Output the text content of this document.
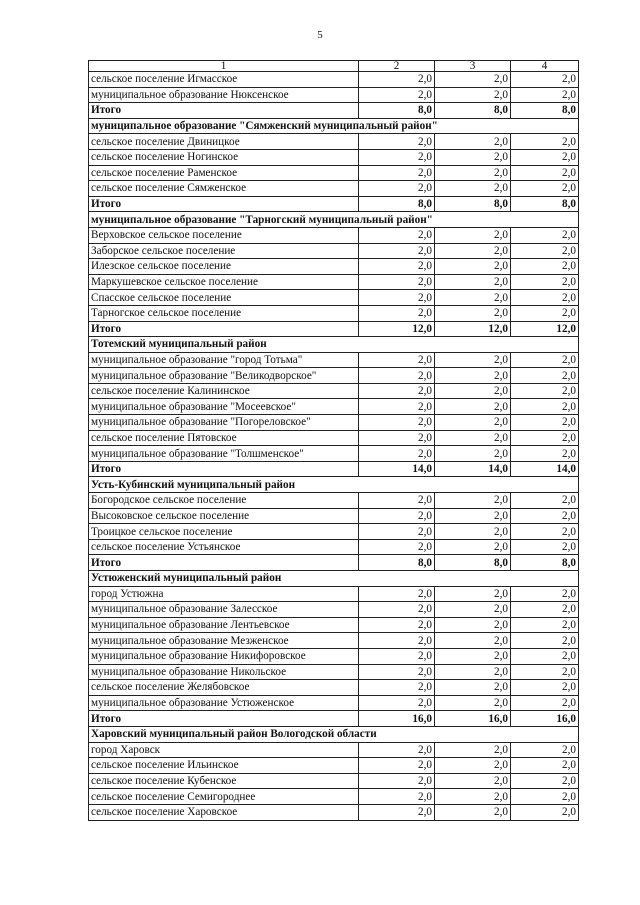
5
1	2	3	4
сельское поселение Игмасское	2,0	2,0	2,0
муниципальное образование Нюксенское	2,0	2,0	2,0
Итого	8,0	8,0	8,0
муниципальное образование "Сямженский муниципальный район"			
сельское поселение Двиницкое	2,0	2,0	2,0
сельское поселение Ногинское	2,0	2,0	2,0
сельское поселение Раменское	2,0	2,0	2,0
сельское поселение Сямженское	2,0	2,0	2,0
Итого	8,0	8,0	8,0
муниципальное образование "Тарногский муниципальный район"			
Верховское сельское поселение	2,0	2,0	2,0
Заборское сельское поселение	2,0	2,0	2,0
Илезское сельское поселение	2,0	2,0	2,0
Маркушевское сельское поселение	2,0	2,0	2,0
Спасское сельское поселение	2,0	2,0	2,0
Тарногское сельское поселение	2,0	2,0	2,0
Итого	12,0	12,0	12,0
Тотемский муниципальный район			
муниципальное образование "город Тотьма"	2,0	2,0	2,0
муниципальное образование "Великодворское"	2,0	2,0	2,0
сельское поселение Калининское	2,0	2,0	2,0
муниципальное образование "Мосеевское"	2,0	2,0	2,0
муниципальное образование "Погореловское"	2,0	2,0	2,0
сельское поселение Пятовское	2,0	2,0	2,0
муниципальное образование "Толшменское"	2,0	2,0	2,0
Итого	14,0	14,0	14,0
Усть-Кубинский муниципальный район			
Богородское сельское поселение	2,0	2,0	2,0
Высоковское сельское поселение	2,0	2,0	2,0
Троицкое сельское поселение	2,0	2,0	2,0
сельское поселение Устьянское	2,0	2,0	2,0
Итого	8,0	8,0	8,0
Устюженский муниципальный район			
город Устюжна	2,0	2,0	2,0
муниципальное образование Залесское	2,0	2,0	2,0
муниципальное образование Лентьевское	2,0	2,0	2,0
муниципальное образование Мезженское	2,0	2,0	2,0
муниципальное образование Никифоровское	2,0	2,0	2,0
муниципальное образование Никольское	2,0	2,0	2,0
сельское поселение Желябовское	2,0	2,0	2,0
муниципальное образование Устюженское	2,0	2,0	2,0
Итого	16,0	16,0	16,0
Харовский муниципальный район Вологодской области			
город Харовск	2,0	2,0	2,0
сельское поселение Ильинское	2,0	2,0	2,0
сельское поселение Кубенское	2,0	2,0	2,0
сельское поселение Семигороднее	2,0	2,0	2,0
сельское поселение Харовское	2,0	2,0	2,0
